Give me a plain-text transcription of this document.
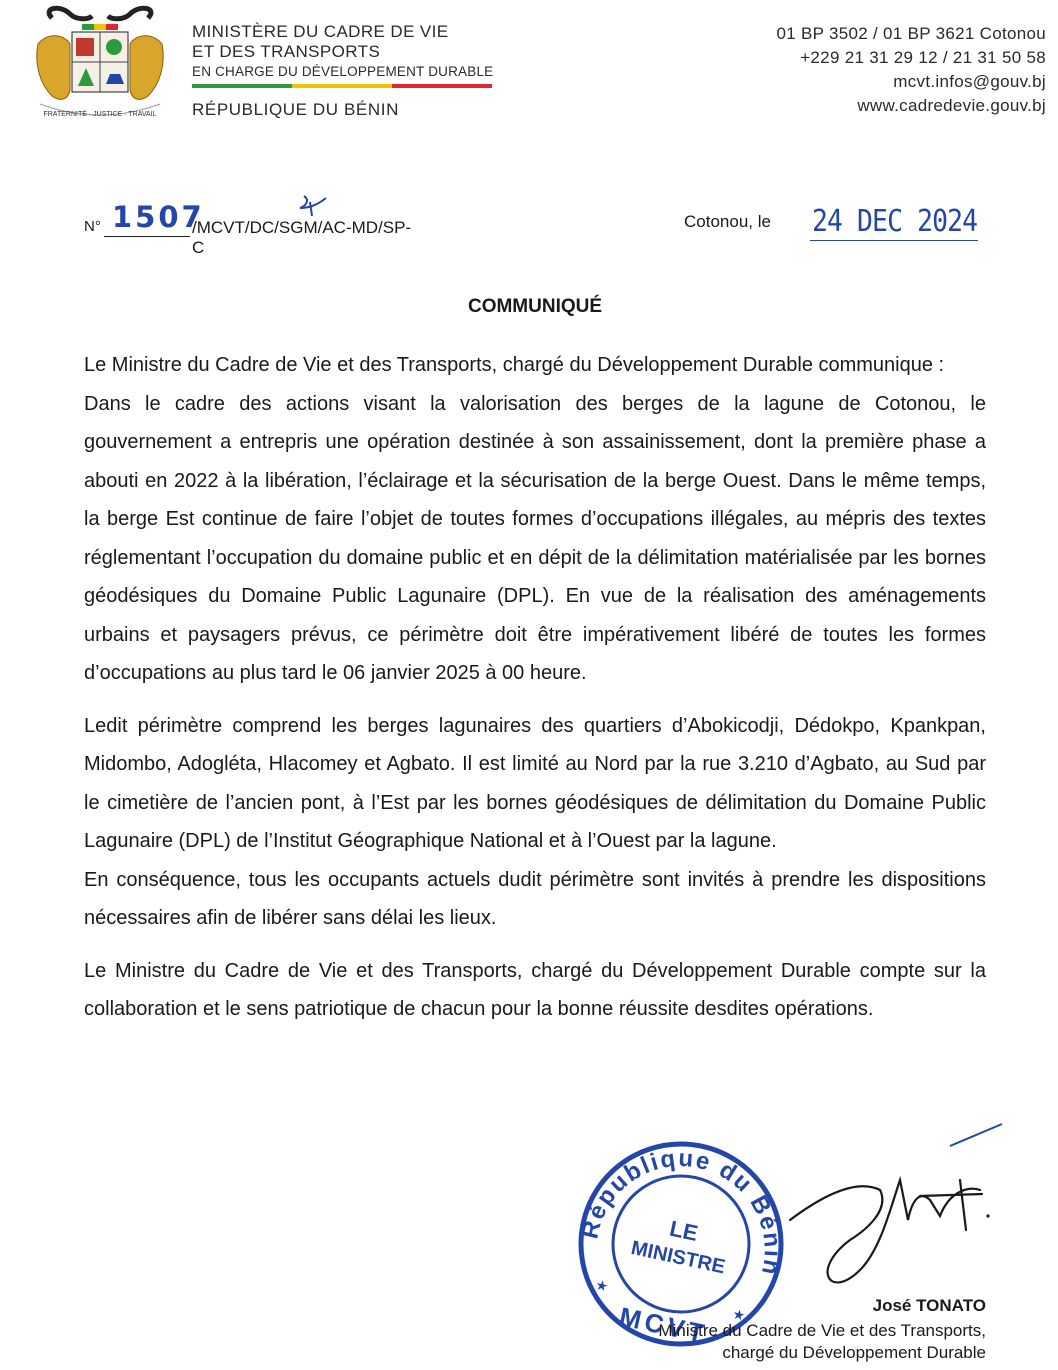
FRATERNITÉ · JUSTICE · TRAVAIL
MINISTÈRE DU CADRE DE VIE
ET DES TRANSPORTS
EN CHARGE DU DÉVELOPPEMENT DURABLE
RÉPUBLIQUE DU BÉNIN
01 BP 3502 / 01 BP 3621 Cotonou
+229 21 31 29 12 / 21 31 50 58
mcvt.infos@gouv.bj
www.cadredevie.gouv.bj
N° 1507
/MCVT/DC/SGM/AC-MD/SP-C
Cotonou, le 24 DEC 2024
COMMUNIQUÉ

Le Ministre du Cadre de Vie et des Transports, chargé du Développement Durable communique :

Dans le cadre des actions visant la valorisation des berges de la lagune de Cotonou, le gouvernement a entrepris une opération destinée à son assainissement, dont la première phase a abouti en 2022 à la libération, l’éclairage et la sécurisation de la berge Ouest. Dans le même temps, la berge Est continue de faire l’objet de toutes formes d’occupations illégales, au mépris des textes réglementant l’occupation du domaine public et en dépit de la délimitation matérialisée par les bornes géodésiques du Domaine Public Lagunaire (DPL). En vue de la réalisation des aménagements urbains et paysagers prévus, ce périmètre doit être impérativement libéré de toutes les formes d’occupations au plus tard le 06 janvier 2025 à 00 heure.

Ledit périmètre comprend les berges lagunaires des quartiers d’Abokicodji, Dédokpo, Kpankpan, Midombo, Adogléta, Hlacomey et Agbato. Il est limité au Nord par la rue 3.210 d’Agbato, au Sud par le cimetière de l’ancien pont, à l’Est par les bornes géodésiques de délimitation du Domaine Public Lagunaire (DPL) de l’Institut Géographique National et à l’Ouest par la lagune.

En conséquence, tous les occupants actuels dudit périmètre sont invités à prendre les dispositions nécessaires afin de libérer sans délai les lieux.

Le Ministre du Cadre de Vie et des Transports, chargé du Développement Durable compte sur la collaboration et le sens patriotique de chacun pour la bonne réussite desdites opérations.

République du Bénin
LE
MINISTRE
MCVT
★
★
José TONATO
Ministre du Cadre de Vie et des Transports,
chargé du Développement Durable
